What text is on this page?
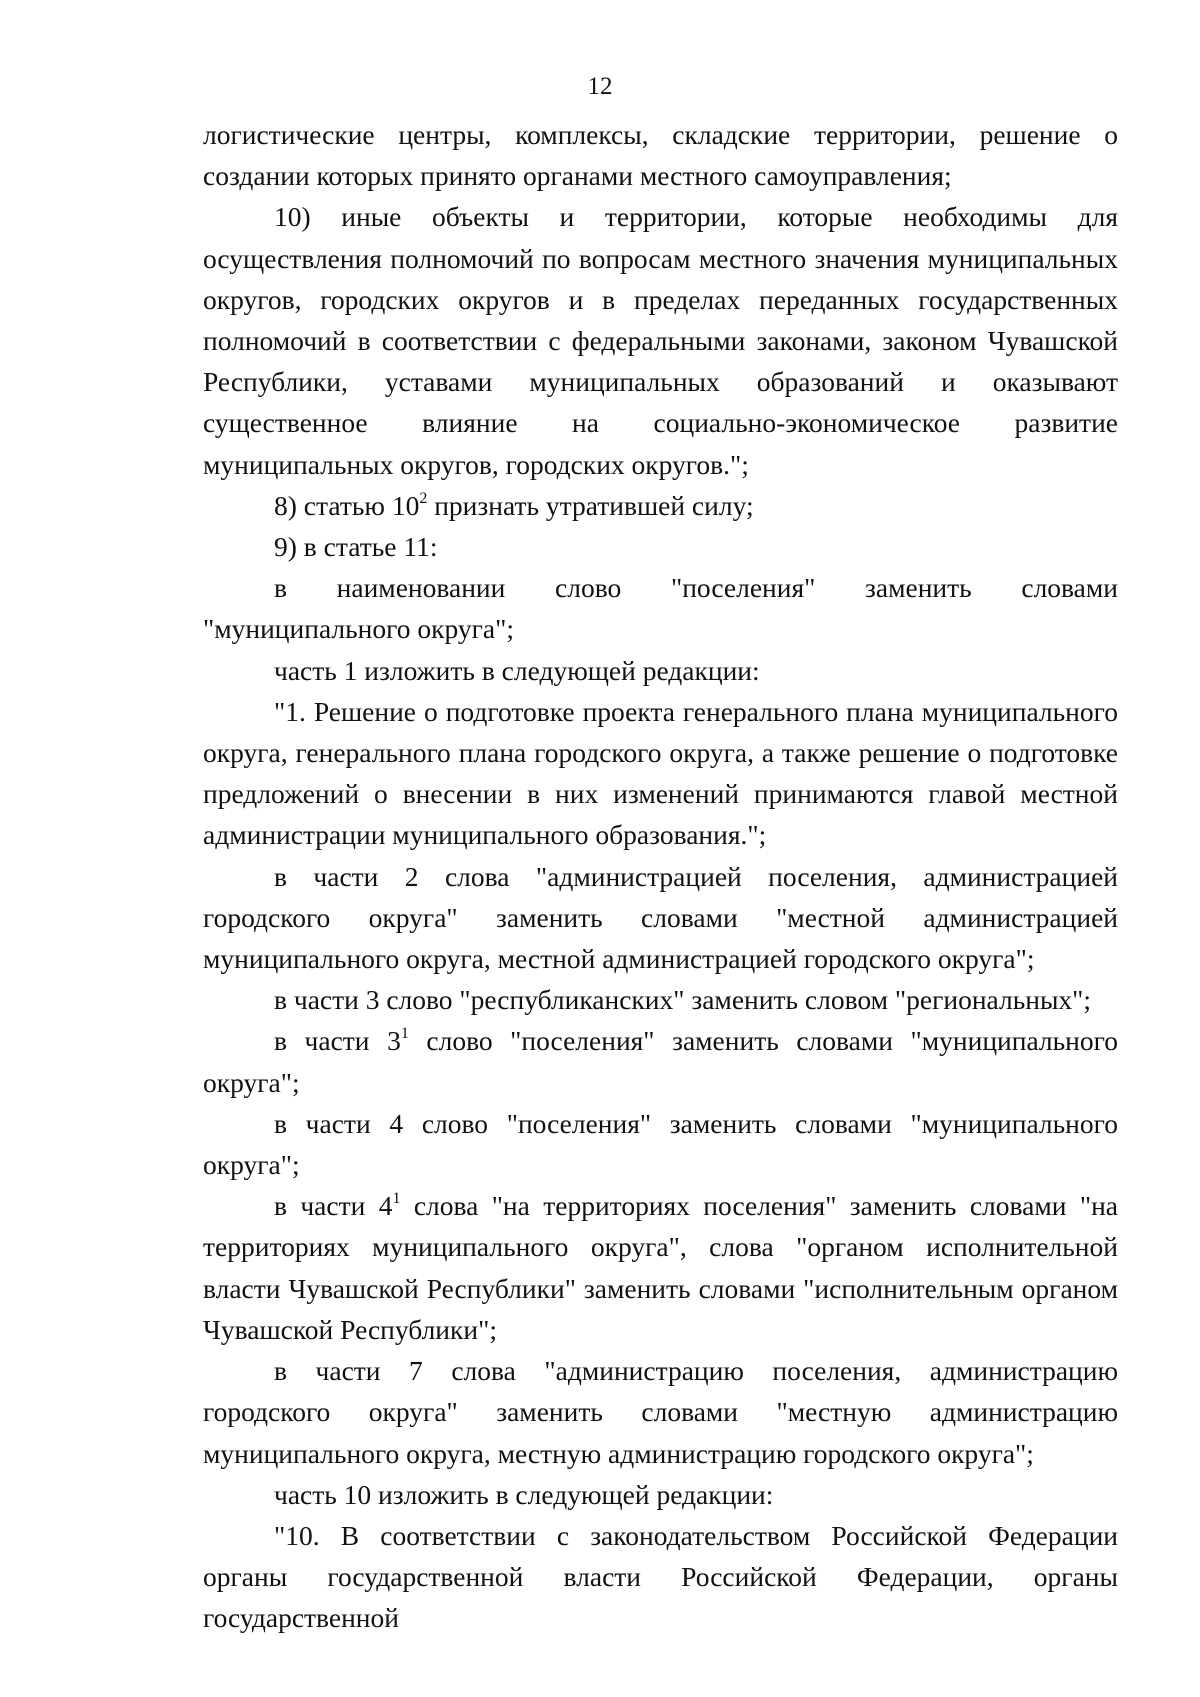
12

логистические центры, комплексы, складские территории, решение о создании которых принято органами местного самоуправления;

10) иные объекты и территории, которые необходимы для осуществления полномочий по вопросам местного значения муниципальных округов, городских округов и в пределах переданных государственных полномочий в соответствии с федеральными законами, законом Чувашской Республики, уставами муниципальных образований и оказывают существенное влияние на социально-экономическое развитие муниципальных округов, городских округов.";

8) статью $10^2$ признать утратившей силу;

9) в статье 11:

в наименовании слово "поселения" заменить словами "муниципального округа";

часть 1 изложить в следующей редакции:

"1. Решение о подготовке проекта генерального плана муниципального округа, генерального плана городского округа, а также решение о подготовке предложений о внесении в них изменений принимаются главой местной администрации муниципального образования.";

в части 2 слова "администрацией поселения, администрацией городского округа" заменить словами "местной администрацией муниципального округа, местной администрацией городского округа";

в части 3 слово "республиканских" заменить словом "региональных";

в части $3^1$ слово "поселения" заменить словами "муниципального округа";

в части 4 слово "поселения" заменить словами "муниципального округа";

в части $4^1$ слова "на территориях поселения" заменить словами "на территориях муниципального округа", слова "органом исполнительной власти Чувашской Республики" заменить словами "исполнительным органом Чувашской Республики";

в части 7 слова "администрацию поселения, администрацию городского округа" заменить словами "местную администрацию муниципального округа, местную администрацию городского округа";

часть 10 изложить в следующей редакции:

"10. В соответствии с законодательством Российской Федерации органы государственной власти Российской Федерации, органы государственной
